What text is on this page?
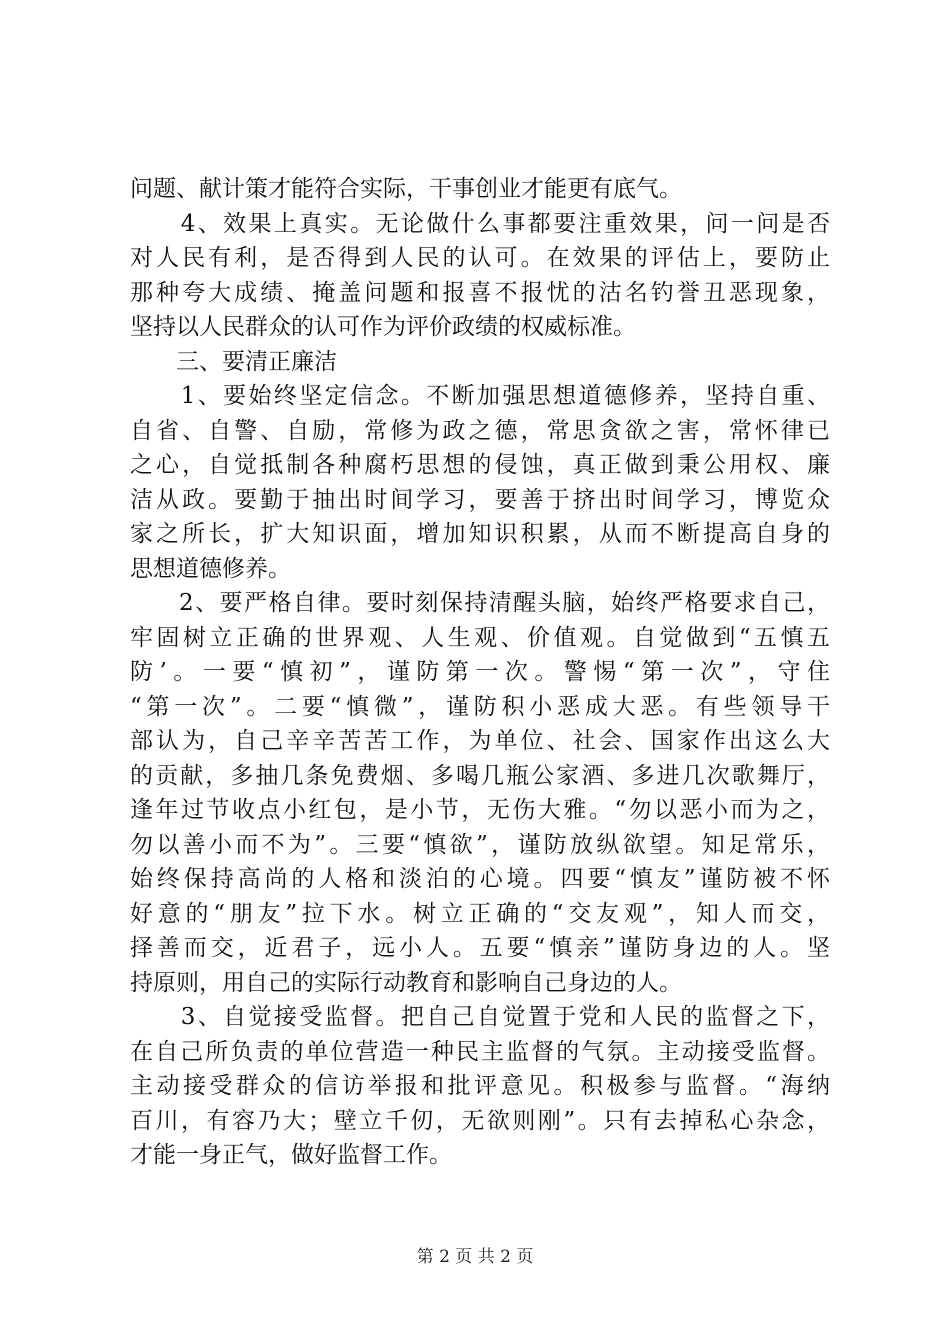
问题、献计策才能符合实际，干事创业才能更有底气。
　　4、效果上真实。无论做什么事都要注重效果，问一问是否
对人民有利，是否得到人民的认可。在效果的评估上，要防止
那种夸大成绩、掩盖问题和报喜不报忧的沽名钓誉丑恶现象，
坚持以人民群众的认可作为评价政绩的权威标准。
　　三、要清正廉洁
　　1、要始终坚定信念。不断加强思想道德修养，坚持自重、
自省、自警、自励，常修为政之德，常思贪欲之害，常怀律已
之心，自觉抵制各种腐朽思想的侵蚀，真正做到秉公用权、廉
洁从政。要勤于抽出时间学习，要善于挤出时间学习，博览众
家之所长，扩大知识面，增加知识积累，从而不断提高自身的
思想道德修养。
　　2、要严格自律。要时刻保持清醒头脑，始终严格要求自己，
牢固树立正确的世界观、人生观、价值观。自觉做到“五慎五
防’。一要“慎初”，谨防第一次。警惕“第一次”，守住
“第一次”。二要“慎微”，谨防积小恶成大恶。有些领导干
部认为，自己辛辛苦苦工作，为单位、社会、国家作出这么大
的贡献，多抽几条免费烟、多喝几瓶公家酒、多进几次歌舞厅，
逢年过节收点小红包，是小节，无伤大雅。“勿以恶小而为之，
勿以善小而不为”。三要“慎欲”，谨防放纵欲望。知足常乐，
始终保持高尚的人格和淡泊的心境。四要“慎友”谨防被不怀
好意的“朋友”拉下水。树立正确的“交友观”，知人而交，
择善而交，近君子，远小人。五要“慎亲”谨防身边的人。坚
持原则，用自己的实际行动教育和影响自己身边的人。
　　3、自觉接受监督。把自己自觉置于党和人民的监督之下，
在自己所负责的单位营造一种民主监督的气氛。主动接受监督。
主动接受群众的信访举报和批评意见。积极参与监督。“海纳
百川，有容乃大；壁立千仞，无欲则刚”。只有去掉私心杂念，
才能一身正气，做好监督工作。
第 2 页 共 2 页
